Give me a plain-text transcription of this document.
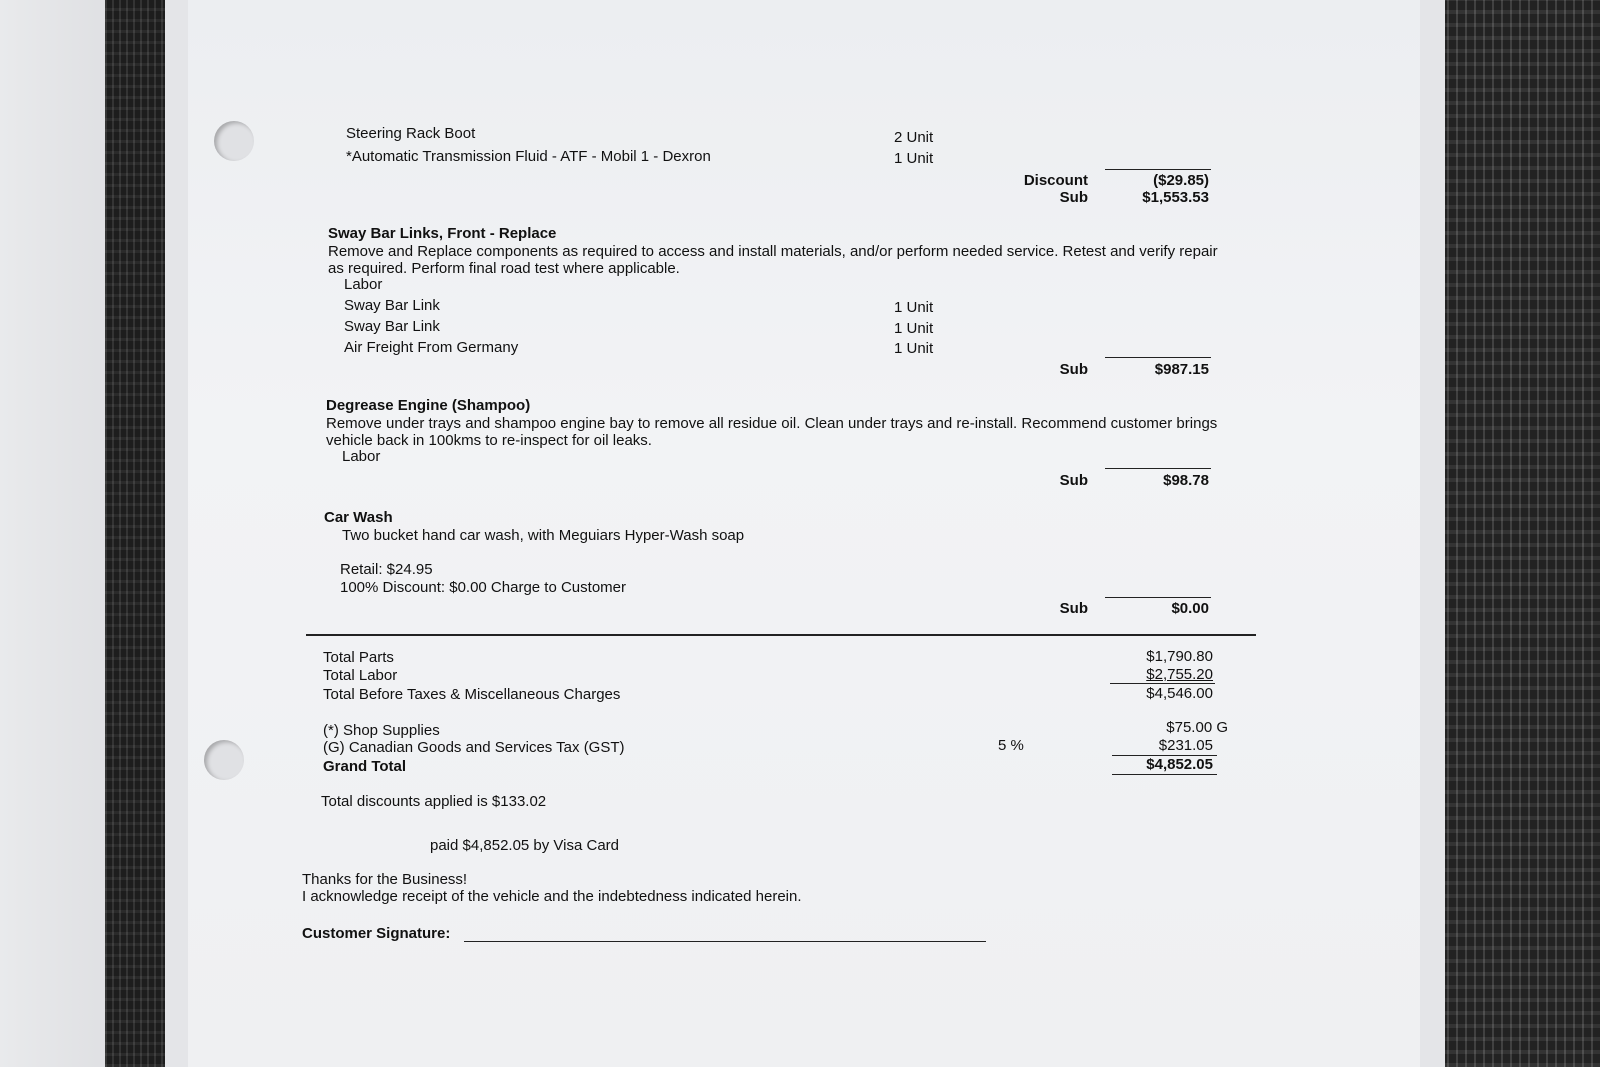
Steering Rack Boot	2 Unit
*Automatic Transmission Fluid - ATF - Mobil 1 - Dexron	1 Unit
Discount	($29.85)
Sub	$1,553.53
Sway Bar Links, Front - Replace
Remove and Replace components as required to access and install materials, and/or perform needed service. Retest and verify repair as required. Perform final road test where applicable.
Labor
Sway Bar Link	1 Unit
Sway Bar Link	1 Unit
Air Freight From Germany	1 Unit
Sub	$987.15
Degrease Engine (Shampoo)
Remove under trays and shampoo engine bay to remove all residue oil. Clean under trays and re-install. Recommend customer brings vehicle back in 100kms to re-inspect for oil leaks.
Labor
Sub	$98.78
Car Wash
Two bucket hand car wash, with Meguiars Hyper-Wash soap
Retail: $24.95
100% Discount: $0.00 Charge to Customer
Sub	$0.00
Total Parts	$1,790.80
Total Labor	$2,755.20
Total Before Taxes & Miscellaneous Charges	$4,546.00
(*) Shop Supplies	$75.00 G
(G) Canadian Goods and Services Tax (GST)	5 %	$231.05
Grand Total	$4,852.05
Total discounts applied is $133.02
paid $4,852.05 by Visa Card
Thanks for the Business!
I acknowledge receipt of the vehicle and the indebtedness indicated herein.
Customer Signature:
